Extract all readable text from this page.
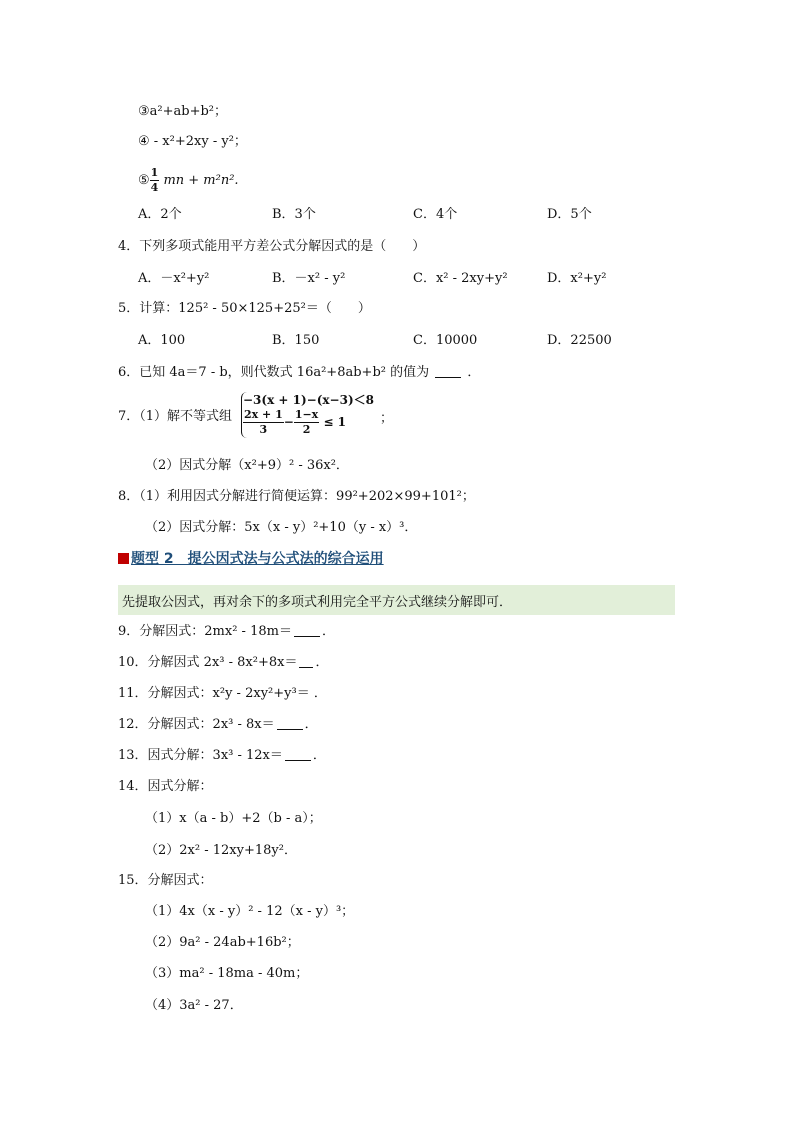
③a²+ab+b²；
④ - x²+2xy - y²；
⑤ $\frac{1}{4}$ mn + m²n².
A．2个	B．3个	C．4个	D．5个
4．下列多项式能用平方差公式分解因式的是（　　）
A．－x²+y²	B．－x² - y²	C．x² - 2xy+y²	D．x²+y²
5．计算：125² - 50×125+25²＝（　　）
A．100	B．150	C．10000	D．22500
6．已知 4a＝7 - b，则代数式 16a²+8ab+b² 的值为	．
7．（1）解不等式组
−3(x + 1)−(x−3)＜8
$\frac{2x + 1}{3} - \frac{1-x}{2} \le 1$	；
（2）因式分解（x²+9）² - 36x²．
8．（1）利用因式分解进行简便运算：99²+202×99+101²；
（2）因式分解：5x（x - y）²+10（y - x）³．
题型 2　提公因式法与公式法的综合运用
先提取公因式，再对余下的多项式利用完全平方公式继续分解即可．
9．分解因式：2mx² - 18m＝ ．
10．分解因式 2x³ - 8x²+8x＝ ．
11．分解因式：x²y - 2xy²+y³＝ ．
12．分解因式：2x³ - 8x＝ ．
13．因式分解：3x³ - 12x＝ ．
14．因式分解：
（1）x（a - b）+2（b - a）；
（2）2x² - 12xy+18y²．
15．分解因式：
（1）4x（x - y）² - 12（x - y）³；
（2）9a² - 24ab+16b²；
（3）ma² - 18ma - 40m；
（4）3a² - 27．
